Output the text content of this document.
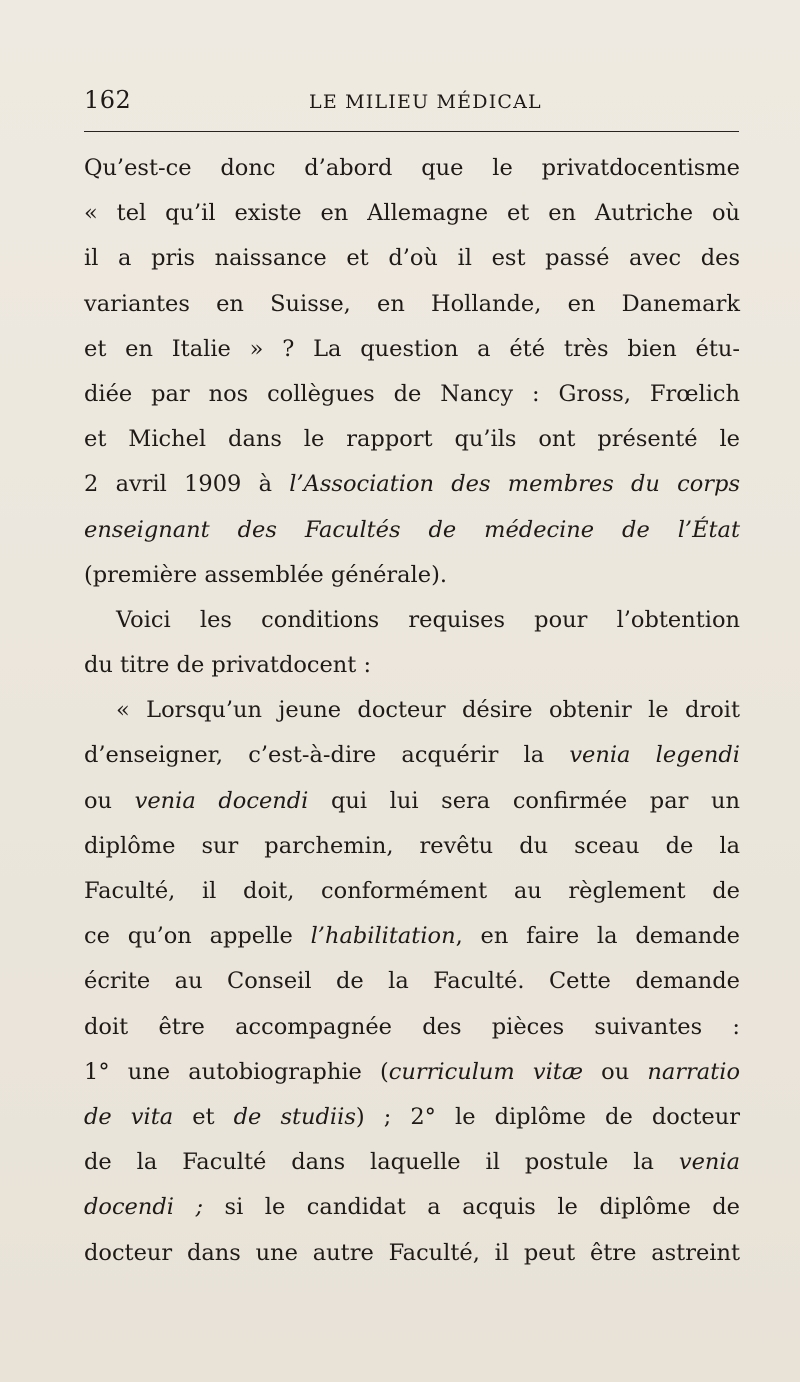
162	LE MILIEU MÉDICAL
Qu’est-ce donc d’abord que le privatdocentisme
« tel qu’il existe en Allemagne et en Autriche où
il a pris naissance et d’où il est passé avec des
variantes en Suisse, en Hollande, en Danemark
et en Italie » ? La question a été très bien étu-
diée par nos collègues de Nancy : Gross, Frœlich
et Michel dans le rapport qu’ils ont présenté le
2 avril 1909 à l’Association des membres du corps
enseignant des Facultés de médecine de l’État
(première assemblée générale).
Voici les conditions requises pour l’obtention
du titre de privatdocent :
« Lorsqu’un jeune docteur désire obtenir le droit
d’enseigner, c’est-à-dire acquérir la venia legendi
ou venia docendi qui lui sera confirmée par un
diplôme sur parchemin, revêtu du sceau de la
Faculté, il doit, conformément au règlement de
ce qu’on appelle l’habilitation, en faire la demande
écrite au Conseil de la Faculté. Cette demande
doit être accompagnée des pièces suivantes :
1° une autobiographie (curriculum vitæ ou narratio
de vita et de studiis) ; 2° le diplôme de docteur
de la Faculté dans laquelle il postule la venia
docendi ; si le candidat a acquis le diplôme de
docteur dans une autre Faculté, il peut être astreint
